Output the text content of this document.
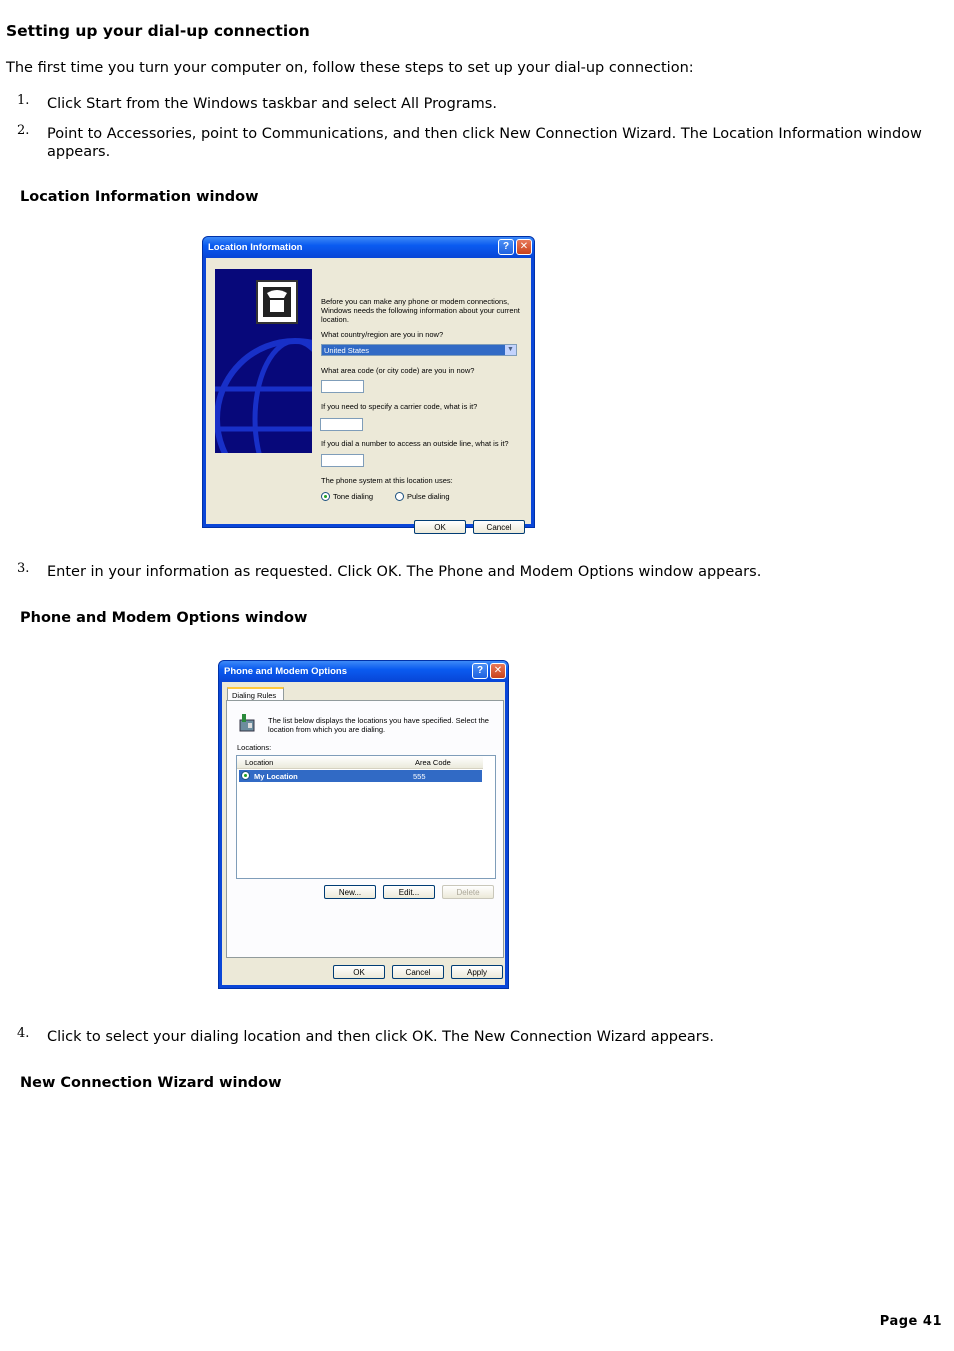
Setting up your dial-up connection
The first time you turn your computer on, follow these steps to set up your dial-up connection:
1. Click Start from the Windows taskbar and select All Programs.
2. Point to Accessories, point to Communications, and then click New Connection Wizard. The Location Information window appears.
Location Information window
Location Information	?	✕
Before you can make any phone or modem connections, Windows needs the following information about your current location.
What country/region are you in now?
United States	▼
What area code (or city code) are you in now?
If you need to specify a carrier code, what is it?
If you dial a number to access an outside line, what is it?
The phone system at this location uses:
Tone dialing	Pulse dialing
OK	Cancel
3. Enter in your information as requested. Click OK. The Phone and Modem Options window appears.
Phone and Modem Options window
Phone and Modem Options	?	✕
Dialing Rules
The list below displays the locations you have specified. Select the location from which you are dialing.
Locations:
Location	Area Code
My Location	555
New...	Edit...	Delete
OK	Cancel	Apply
4. Click to select your dialing location and then click OK. The New Connection Wizard appears.
New Connection Wizard window
Page 41
